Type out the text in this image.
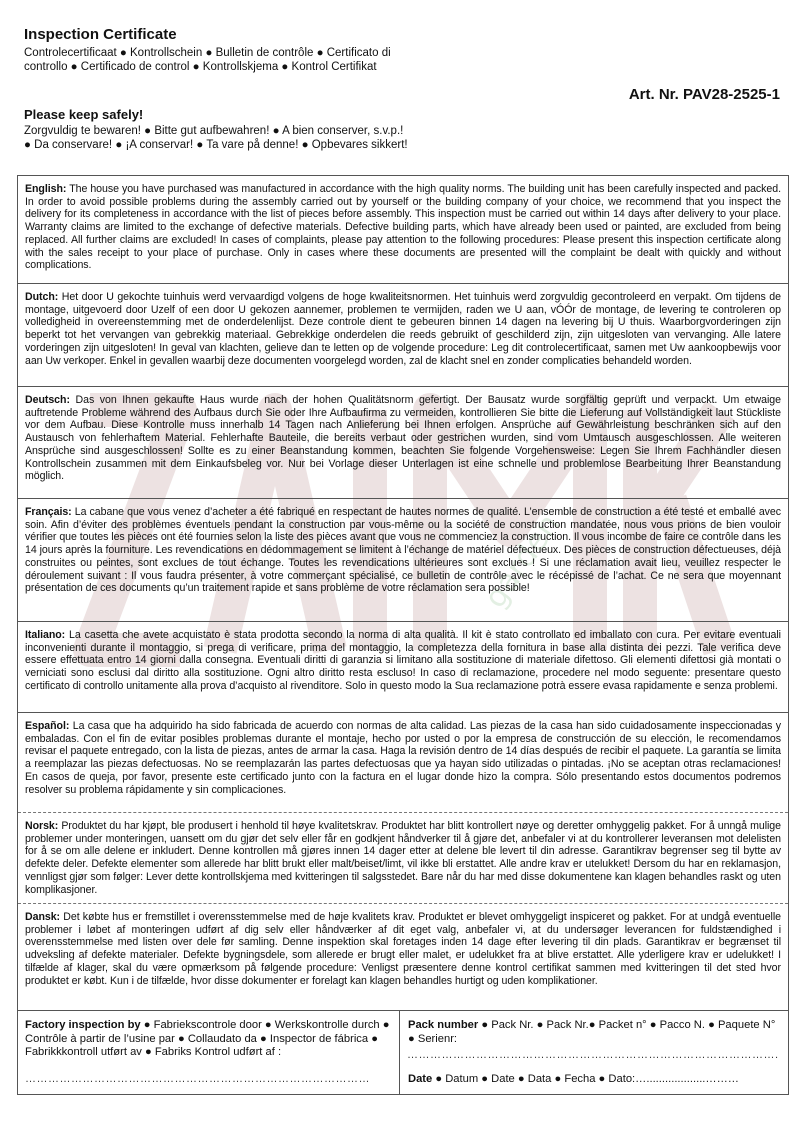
garden
Inspection Certificate

Controlecertificaat ● Kontrollschein ● Bulletin de contrôle ● Certificato di controllo ● Certificado de control ● Kontrollskjema ● Kontrol Certifikat

Art. Nr. PAV28-2525-1

Please keep safely!

Zorgvuldig te bewaren! ● Bitte gut aufbewahren! ● A bien conserver, s.v.p.! ● Da conservare! ● ¡A conservar! ● Ta vare på denne! ● Opbevares sikkert!

English: The house you have purchased was manufactured in accordance with the high quality norms. The building unit has been carefully inspected and packed. In order to avoid possible problems during the assembly carried out by yourself or the building company of your choice, we recommend that you inspect the delivery for its completeness in accordance with the list of pieces before assembly. This inspection must be carried out within 14 days after delivery to your place. Warranty claims are limited to the exchange of defective materials. Defective building parts, which have already been used or painted, are excluded from being replaced. All further claims are excluded! In cases of complaints, please pay attention to the following procedures: Please present this inspection certificate along with the sales receipt to your place of purchase. Only in cases where these documents are presented will the complaint be dealt with quickly and without complications.
Dutch: Het door U gekochte tuinhuis werd vervaardigd volgens de hoge kwaliteitsnormen. Het tuinhuis werd zorgvuldig gecontroleerd en verpakt. Om tijdens de montage, uitgevoerd door Uzelf of een door U gekozen aannemer, problemen te vermijden, raden we U aan, vÓÓr de montage, de levering te controleren op volledigheid in overeenstemming met de onderdelenlijst. Deze controle dient te gebeuren binnen 14 dagen na levering bij U thuis. Waarborgvorderingen zijn beperkt tot het vervangen van gebrekkig materiaal. Gebrekkige onderdelen die reeds gebruikt of geschilderd zijn, zijn uitgesloten van vervanging. Alle latere vorderingen zijn uitgesloten! In geval van klachten, gelieve dan te letten op de volgende procedure: Leg dit controlecertificaat, samen met Uw aankoopbewijs voor aan Uw verkoper. Enkel in gevallen waarbij deze documenten voorgelegd worden, zal de klacht snel en zonder complicaties behandeld worden.
Deutsch: Das von Ihnen gekaufte Haus wurde nach der hohen Qualitätsnorm gefertigt. Der Bausatz wurde sorgfältig geprüft und verpackt. Um etwaige auftretende Probleme während des Aufbaus durch Sie oder Ihre Aufbaufirma zu vermeiden, kontrollieren Sie bitte die Lieferung auf Vollständigkeit laut Stückliste vor dem Aufbau. Diese Kontrolle muss innerhalb 14 Tagen nach Anlieferung bei Ihnen erfolgen. Ansprüche auf Gewährleistung beschränken sich auf den Austausch von fehlerhaftem Material. Fehlerhafte Bauteile, die bereits verbaut oder gestrichen wurden, sind vom Umtausch ausgeschlossen. Alle weiteren Ansprüche sind ausgeschlossen! Sollte es zu einer Beanstandung kommen, beachten Sie folgende Vorgehensweise: Legen Sie Ihrem Fachhändler diesen Kontrollschein zusammen mit dem Einkaufsbeleg vor. Nur bei Vorlage dieser Unterlagen ist eine schnelle und problemlose Bearbeitung Ihrer Beanstandung möglich.
Français: La cabane que vous venez d’acheter a été fabriqué en respectant de hautes normes de qualité. L’ensemble de construction a été testé et emballé avec soin. Afin d’éviter des problèmes éventuels pendant la construction par vous-même ou la société de construction mandatée, nous vous prions de bien vouloir vérifier que toutes les pièces ont été fournies selon la liste des pièces avant que vous ne commenciez la construction. Il vous incombe de faire ce contrôle dans les 14 jours après la fourniture. Les revendications en dédommagement se limitent à l’échange de matériel défectueux. Des pièces de construction défectueuses, déjà construites ou peintes, sont exclues de tout échange. Toutes les revendications ultérieures sont exclues ! Si une réclamation avait lieu, veuillez respecter le déroulement suivant : Il vous faudra présenter, à votre commerçant spécialisé, ce bulletin de contrôle avec le récépissé de l’achat. Ce ne sera que moyennant présentation de ces documents qu’un traitement rapide et sans problème de votre réclamation sera possible!
Italiano: La casetta che avete acquistato è stata prodotta secondo la norma di alta qualità. Il kit è stato controllato ed imballato con cura. Per evitare eventuali inconvenienti durante il montaggio, si prega di verificare, prima del montaggio, la completezza della fornitura in base alla distinta dei pezzi. Tale verifica deve essere effettuata entro 14 giorni dalla consegna. Eventuali diritti di garanzia si limitano alla sostituzione di materiale difettoso. Gli elementi difettosi già montati o verniciati sono esclusi dal diritto alla sostituzione. Ogni altro diritto resta escluso! In caso di reclamazione, procedere nel modo seguente: presentare questo certificato di controllo unitamente alla prova d’acquisto al rivenditore. Solo in questo modo la Sua reclamazione potrà essere evasa rapidamente e senza problemi.
Español: La casa que ha adquirido ha sido fabricada de acuerdo con normas de alta calidad. Las piezas de la casa han sido cuidadosamente inspeccionadas y embaladas. Con el fin de evitar posibles problemas durante el montaje, hecho por usted o por la empresa de construcción de su elección, le recomendamos revisar el paquete entregado, con la lista de piezas, antes de armar la casa. Haga la revisión dentro de 14 días después de recibir el paquete. La garantía se limita a reemplazar las piezas defectuosas. No se reemplazarán las partes defectuosas que ya hayan sido utilizadas o pintadas. ¡No se aceptan otras reclamaciones! En casos de queja, por favor, presente este certificado junto con la factura en el lugar donde hizo la compra. Sólo presentando estos documentos podremos resolver su problema rápidamente y sin complicaciones.
Norsk: Produktet du har kjøpt, ble produsert i henhold til høye kvalitetskrav. Produktet har blitt kontrollert nøye og deretter omhyggelig pakket. For å unngå mulige problemer under monteringen, uansett om du gjør det selv eller får en godkjent håndverker til å gjøre det, anbefaler vi at du kontrollerer leveransen mot delelisten for å se om alle delene er inkludert. Denne kontrollen må gjøres innen 14 dager etter at delene ble levert til din adresse. Garantikrav begrenser seg til bytte av defekte deler. Defekte elementer som allerede har blitt brukt eller malt/beiset/limt, vil ikke bli erstattet. Alle andre krav er utelukket! Dersom du har en reklamasjon, vennligst gjør som følger: Lever dette kontrollskjema med kvitteringen til salgsstedet. Bare når du har med disse dokumentene kan klagen behandles raskt og uten komplikasjoner.
Dansk: Det købte hus er fremstillet i overensstemmelse med de høje kvalitets krav. Produktet er blevet omhyggeligt inspiceret og pakket. For at undgå eventuelle problemer i løbet af monteringen udført af dig selv eller håndværker af dit eget valg, anbefaler vi, at du undersøger leverancen for fuldstændighed i overensstemmelse med listen over dele før samling. Denne inspektion skal foretages inden 14 dage efter levering til din plads. Garantikrav er begrænset til udveksling af defekte materialer. Defekte bygningsdele, som allerede er brugt eller malet, er udelukket fra at blive erstattet. Alle yderligere krav er udelukket! I tilfælde af klager, skal du være opmærksom på følgende procedure: Venligst præsentere denne kontrol certifikat sammen med kvitteringen til det sted hvor produktet er købt. Kun i de tilfælde, hvor disse dokumenter er forelagt kan klagen behandles hurtigt og uden komplikationer.
Factory inspection by ● Fabriekscontrole door ● Werkskontrolle durch ● Contrôle à partir de l’usine par ● Collaudato da ● Inspector de fábrica ● Fabrikkkontroll utført av ● Fabriks Kontrol udført af :
………………………………………………………………………………
Pack number ● Pack Nr. ● Pack Nr.● Packet n° ● Pacco N. ● Paquete N° ● Serienr:
…………………………………………………………………………………….
Date ● Datum ● Date ● Data ● Fecha ● Dato:…...................………
